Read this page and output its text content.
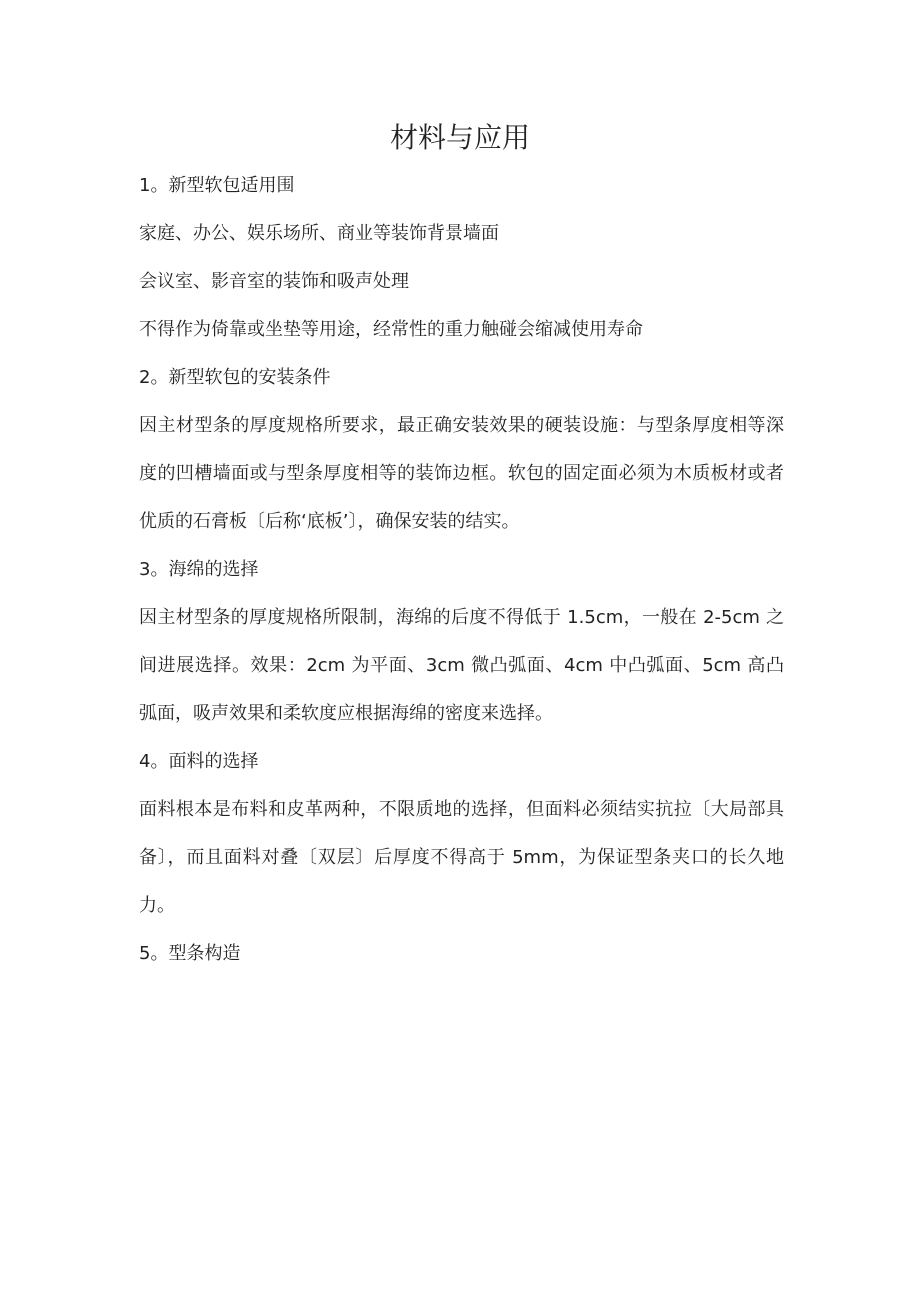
材料与应用

1。新型软包适用围

家庭、办公、娱乐场所、商业等装饰背景墙面

会议室、影音室的装饰和吸声处理

不得作为倚靠或坐垫等用途，经常性的重力触碰会缩减使用寿命

2。新型软包的安装条件

因主材型条的厚度规格所要求，最正确安装效果的硬装设施：与型条厚度相等深度的凹槽墙面或与型条厚度相等的装饰边框。软包的固定面必须为木质板材或者优质的石膏板〔后称‘底板’〕，确保安装的结实。

3。海绵的选择

因主材型条的厚度规格所限制，海绵的后度不得低于 1.5cm，一般在 2-5cm 之间进展选择。效果：2cm 为平面、3cm 微凸弧面、4cm 中凸弧面、5cm 高凸弧面，吸声效果和柔软度应根据海绵的密度来选择。

4。面料的选择

面料根本是布料和皮革两种，不限质地的选择，但面料必须结实抗拉〔大局部具备〕，而且面料对叠〔双层〕后厚度不得高于 5mm，为保证型条夹口的长久地力。

5。型条构造
